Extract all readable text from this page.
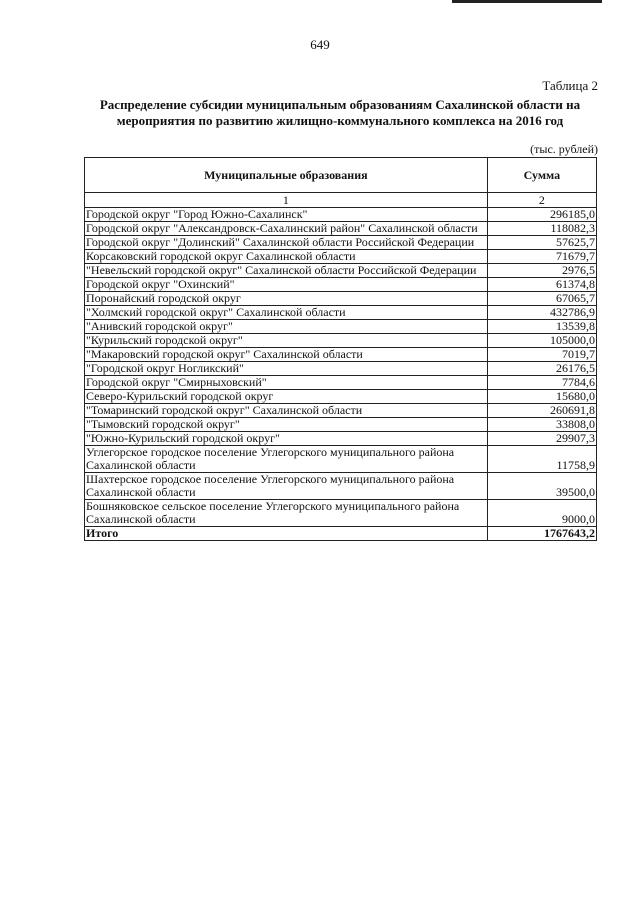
649
Таблица 2
Распределение субсидии муниципальным образованиям Сахалинской области на мероприятия по развитию жилищно-коммунального комплекса на 2016 год
(тыс. рублей)
Муниципальные образования	Сумма
1	2
Городской округ "Город Южно-Сахалинск"	296185,0
Городской округ "Александровск-Сахалинский район" Сахалинской области	118082,3
Городской округ "Долинский" Сахалинской области Российской Федерации	57625,7
Корсаковский городской округ Сахалинской области	71679,7
"Невельский городской округ" Сахалинской области Российской Федерации	2976,5
Городской округ "Охинский"	61374,8
Поронайский городской округ	67065,7
"Холмский городской округ" Сахалинской области	432786,9
"Анивский городской округ"	13539,8
"Курильский городской округ"	105000,0
"Макаровский городской округ" Сахалинской области	7019,7
"Городской округ Ногликский"	26176,5
Городской округ "Смирныховский"	7784,6
Северо-Курильский городской округ	15680,0
"Томаринский городской округ" Сахалинской области	260691,8
"Тымовский городской округ"	33808,0
"Южно-Курильский городской округ"	29907,3
Углегорское городское поселение Углегорского муниципального района Сахалинской области	11758,9
Шахтерское городское поселение Углегорского муниципального района Сахалинской области	39500,0
Бошняковское сельское поселение Углегорского муниципального района Сахалинской области	9000,0
Итого	1767643,2
